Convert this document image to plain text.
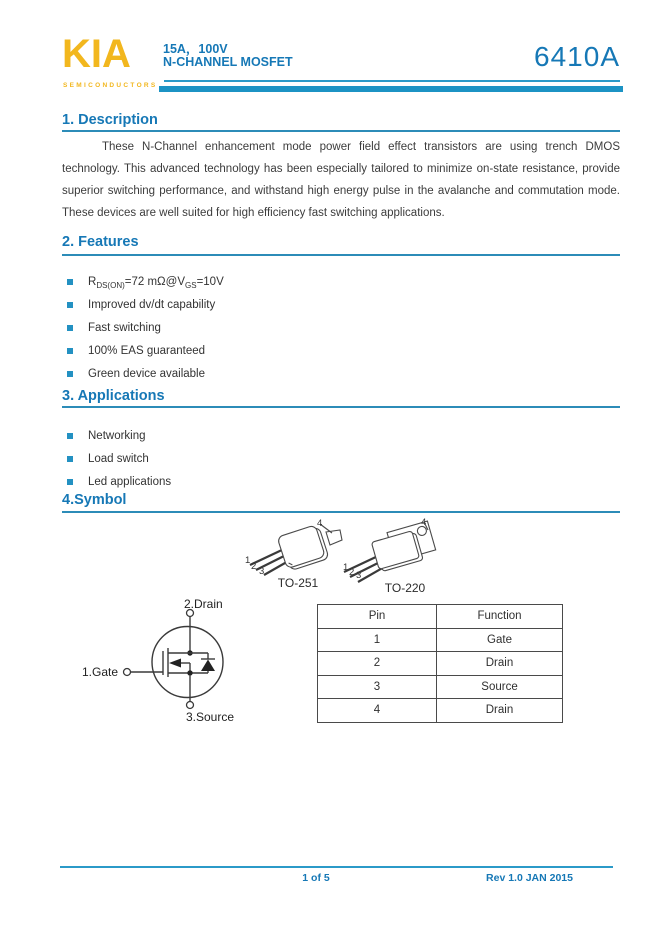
KIA
SEMICONDUCTORS
15A，100V
N-CHANNEL MOSFET	6410A
1. Description
These N-Channel enhancement mode power field effect transistors are using trench DMOS technology. This advanced technology has been especially tailored to minimize on-state resistance, provide superior switching performance, and withstand high energy pulse in the avalanche and commutation mode. These devices are well suited for high efficiency fast switching applications.
2. Features
$R_{DS(ON)}=72$ $m\Omega@V_{GS}=10V$
Improved dv/dt capability
Fast switching
100% EAS guaranteed
Green device available
3. Applications
Networking
Load switch
Led applications
4.Symbol
1
2 3
4
TO-251
1 2 3
4
TO-220
2.Drain
1.Gate
3.Source
Pin	Function
1	Gate
2	Drain
3	Source
4	Drain
1 of 5	Rev 1.0 JAN 2015
